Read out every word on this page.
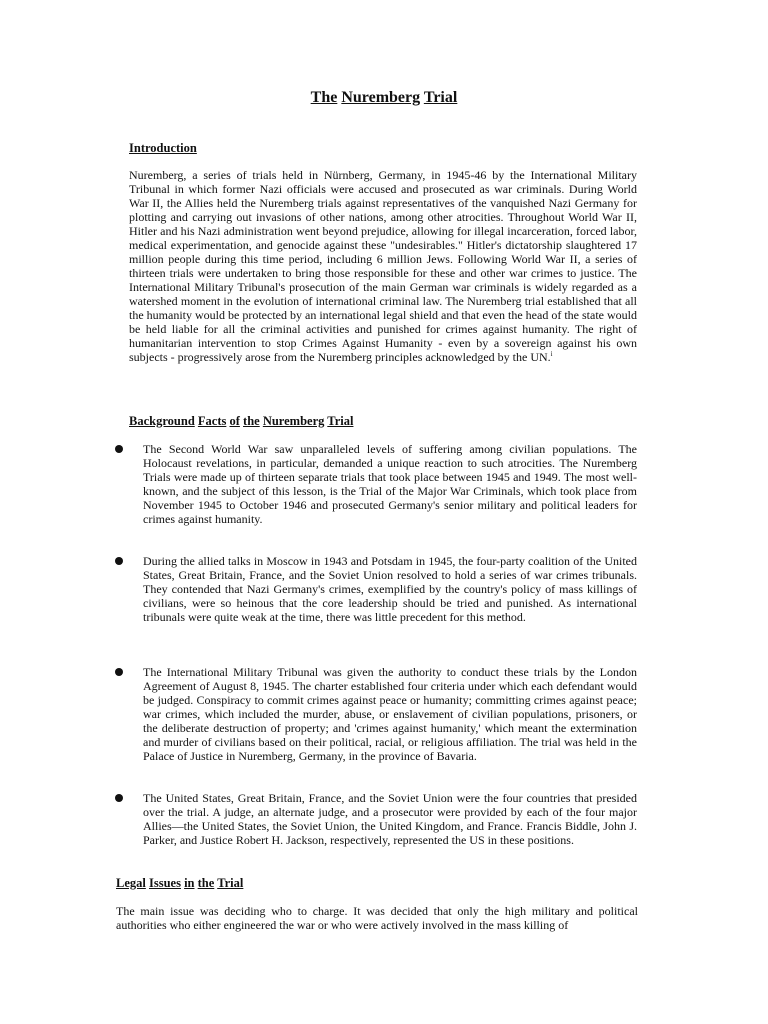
The Nuremberg Trial
Introduction
Nuremberg, a series of trials held in Nürnberg, Germany, in 1945-46 by the International Military Tribunal in which former Nazi officials were accused and prosecuted as war criminals. During World War II, the Allies held the Nuremberg trials against representatives of the vanquished Nazi Germany for plotting and carrying out invasions of other nations, among other atrocities. Throughout World War II, Hitler and his Nazi administration went beyond prejudice, allowing for illegal incarceration, forced labor, medical experimentation, and genocide against these "undesirables." Hitler's dictatorship slaughtered 17 million people during this time period, including 6 million Jews. Following World War II, a series of thirteen trials were undertaken to bring those responsible for these and other war crimes to justice. The International Military Tribunal's prosecution of the main German war criminals is widely regarded as a watershed moment in the evolution of international criminal law. The Nuremberg trial established that all the humanity would be protected by an international legal shield and that even the head of the state would be held liable for all the criminal activities and punished for crimes against humanity. The right of humanitarian intervention to stop Crimes Against Humanity - even by a sovereign against his own subjects - progressively arose from the Nuremberg principles acknowledged by the UN.$^i$
Background Facts of the Nuremberg Trial
The Second World War saw unparalleled levels of suffering among civilian populations. The Holocaust revelations, in particular, demanded a unique reaction to such atrocities. The Nuremberg Trials were made up of thirteen separate trials that took place between 1945 and 1949. The most well-known, and the subject of this lesson, is the Trial of the Major War Criminals, which took place from November 1945 to October 1946 and prosecuted Germany's senior military and political leaders for crimes against humanity.
During the allied talks in Moscow in 1943 and Potsdam in 1945, the four-party coalition of the United States, Great Britain, France, and the Soviet Union resolved to hold a series of war crimes tribunals. They contended that Nazi Germany's crimes, exemplified by the country's policy of mass killings of civilians, were so heinous that the core leadership should be tried and punished. As international tribunals were quite weak at the time, there was little precedent for this method.
The International Military Tribunal was given the authority to conduct these trials by the London Agreement of August 8, 1945. The charter established four criteria under which each defendant would be judged. Conspiracy to commit crimes against peace or humanity; committing crimes against peace; war crimes, which included the murder, abuse, or enslavement of civilian populations, prisoners, or the deliberate destruction of property; and 'crimes against humanity,' which meant the extermination and murder of civilians based on their political, racial, or religious affiliation. The trial was held in the Palace of Justice in Nuremberg, Germany, in the province of Bavaria.
The United States, Great Britain, France, and the Soviet Union were the four countries that presided over the trial. A judge, an alternate judge, and a prosecutor were provided by each of the four major Allies—the United States, the Soviet Union, the United Kingdom, and France. Francis Biddle, John J. Parker, and Justice Robert H. Jackson, respectively, represented the US in these positions.
Legal Issues in the Trial
The main issue was deciding who to charge. It was decided that only the high military and political authorities who either engineered the war or who were actively involved in the mass killing of
